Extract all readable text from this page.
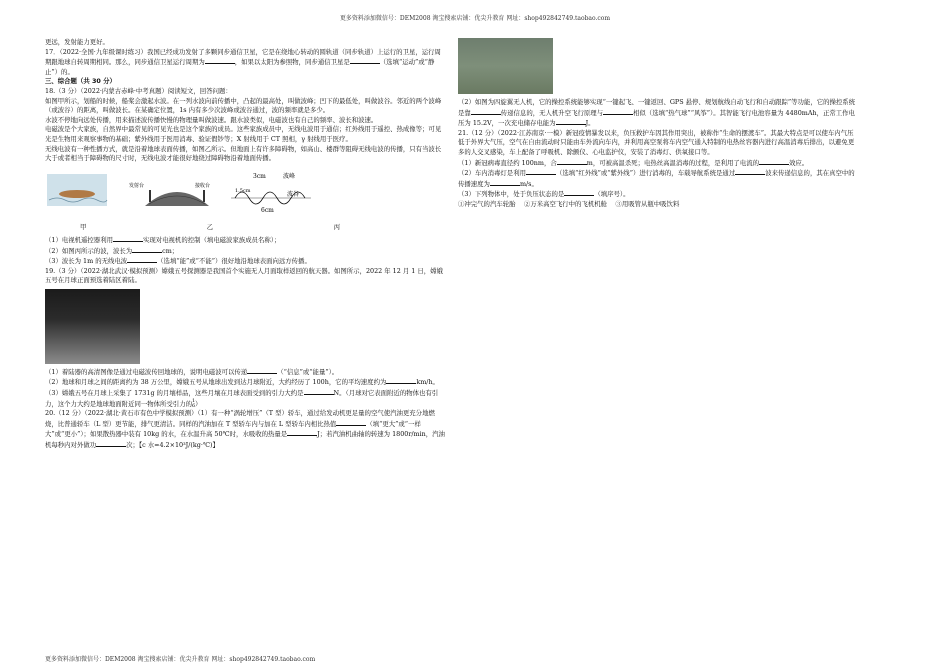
更多资料添加微信号：DEM2008 淘宝搜索店铺：优尖升教育 网址：shop492842749.taobao.com

更远，发射能力更好。

17．（2022·全国·九年级课时练习）我国已经成功发射了多颗同步通信卫星，它是在绕地心转动的圆轨道（同步轨道）上运行的卫星，运行周期跟地球自转周期相同。那么，同步通信卫星运行周期为	，如果以太阳为参照物，同步通信卫星是	（选填“运动”或“静止”）的。

三、综合题（共 30 分）

18.（3 分）（2022·内蒙古赤峰·中考真题）阅读短文，回答问题：

如图甲所示，划船的时候，船桨会激起水波。在一列水波向前传播中，凸起的最高处，叫做波峰；凹下的最低处，叫做波谷。邻近的两个波峰（或波谷）的距离，叫做波长。在某确定位置，1s 内有多少次波峰或波谷通过，波的频率就是多少。

水波不停地向远处传播，用来描述波传播快慢的物理量叫做波速。跟水波类似，电磁波也有自己的频率、波长和波速。

电磁波是个大家族，自然界中最常见的可见光也是这个家族的成员。这些家族成员中，无线电波用于通信；红外线用于遥控、热成像等；可见光是生物用来观察事物的基础；紫外线用于医用消毒、验证假钞等；X 射线用于 CT 照相，γ 射线用于医疗。

无线电波有一种性播方式，就是沿着地球表面传播，如图乙所示。但地面上有许多障碍物，如高山、楼群等阻碍无线电波的传播，只有当波长大于或者相当于障碍物的尺寸时，无线电波才能很好地绕过障碍物沿着地面传播。

发射台	接收台
3cm	波峰
1.5cm	波谷
6cm
甲	乙	丙

（1）电视机遥控器利用	实现对电视机的控制（填电磁波家族成员名称）；

（2）如图丙所示的波，波长为	cm；

（3）波长为 1m 的无线电波	（选填“能”或“不能”）很好地沿地球表面向远方传播。

19.（3 分）（2022·湖北武汉·模拟预测）嫦娥五号探测器是我国首个实施无人月面取样返回的航天器。如图所示，2022 年 12 月 1 日，嫦娥五号在月球正面预选着陆区着陆。

（1）着陆器的高清图像是通过电磁波传回地球的，说明电磁波可以传递	（“信息”或“能量”）。

（2）地球和月球之间的距离约为 38 万公里，嫦娥五号从地球出发到达月球附近，大约经历了 100h，它的平均速度约为	km/h。

（3）嫦娥五号在月球上采集了 1731g 的月壤样品，这些月壤在月球表面受到的引力大约是	N。（月球对它表面附近的物体也有引力，这个力大约是地球地面附近同一物体所受引力的1
6）

20.（12 分）（2022·湖北·黄石市有色中学模拟预测）（1）有一种“涡轮增压”（T 型）轿车，通过给发动机更足量的空气使汽油更充分地燃烧，比普通轿车（L 型）更节能，排气更清洁。同样的汽油加在 T 型轿车内与加在 L 型轿车内相比热值	（填“更大”或“一样大”或“更小”）；如果散热器中装有 10kg 的水，在水温升高 50℃时，水吸收的热量是	J；若汽油机曲轴的转速为 1800r/min，汽油机每秒内对外做功	次；【c 水=4.2×10³J/(kg·℃)】

（2）如图为四旋翼无人机，它的操控系统能够实现“一键起飞、一键返回、GPS 悬停、规划航线自动飞行和自动跟踪”等功能，它的操控系统是靠	传递信息的，无人机升空飞行原理与	相似（选填“热气球”“风筝”）。其智能飞行电池容量为 4480mAh，正常工作电压为 15.2V，一次充电储存电能为	J。

21.（12 分）（2022·江苏南京·一模）新冠疫情暴发以来，负压救护车因其作用突出，被称作“生命的摆渡车”。其最大特点是可以使车内气压低于外界大气压，空气在自由流动时只能由车外流向车内，并利用高空泵将车内空气通入特制的电热丝容器内进行高温消毒后排出，以避免更多的人交叉感染，车上配备了呼吸机、除颤仪、心电监护仪，安装了消毒灯、供氧接口等。

（1）新冠病毒直径约 100nm，合	m，可被高温杀死；电热丝高温消毒的过程，是利用了电流的	效应。

（2）车内消毒灯是利用	（选填“红外线”或“紫外线”）进行消毒的，车载导航系统是通过	波来传递信息的，其在真空中的传播速度为	m/s。

（3）下列物体中，处于负压状态的是	（填序号）。

①冲完气的汽车轮胎　 ②万米高空飞行中的飞机机舱　 ③用吸管从瓶中吸饮料

更多资料添加微信号：DEM2008 淘宝搜索店铺：优尖升教育 网址：shop492842749.taobao.com
